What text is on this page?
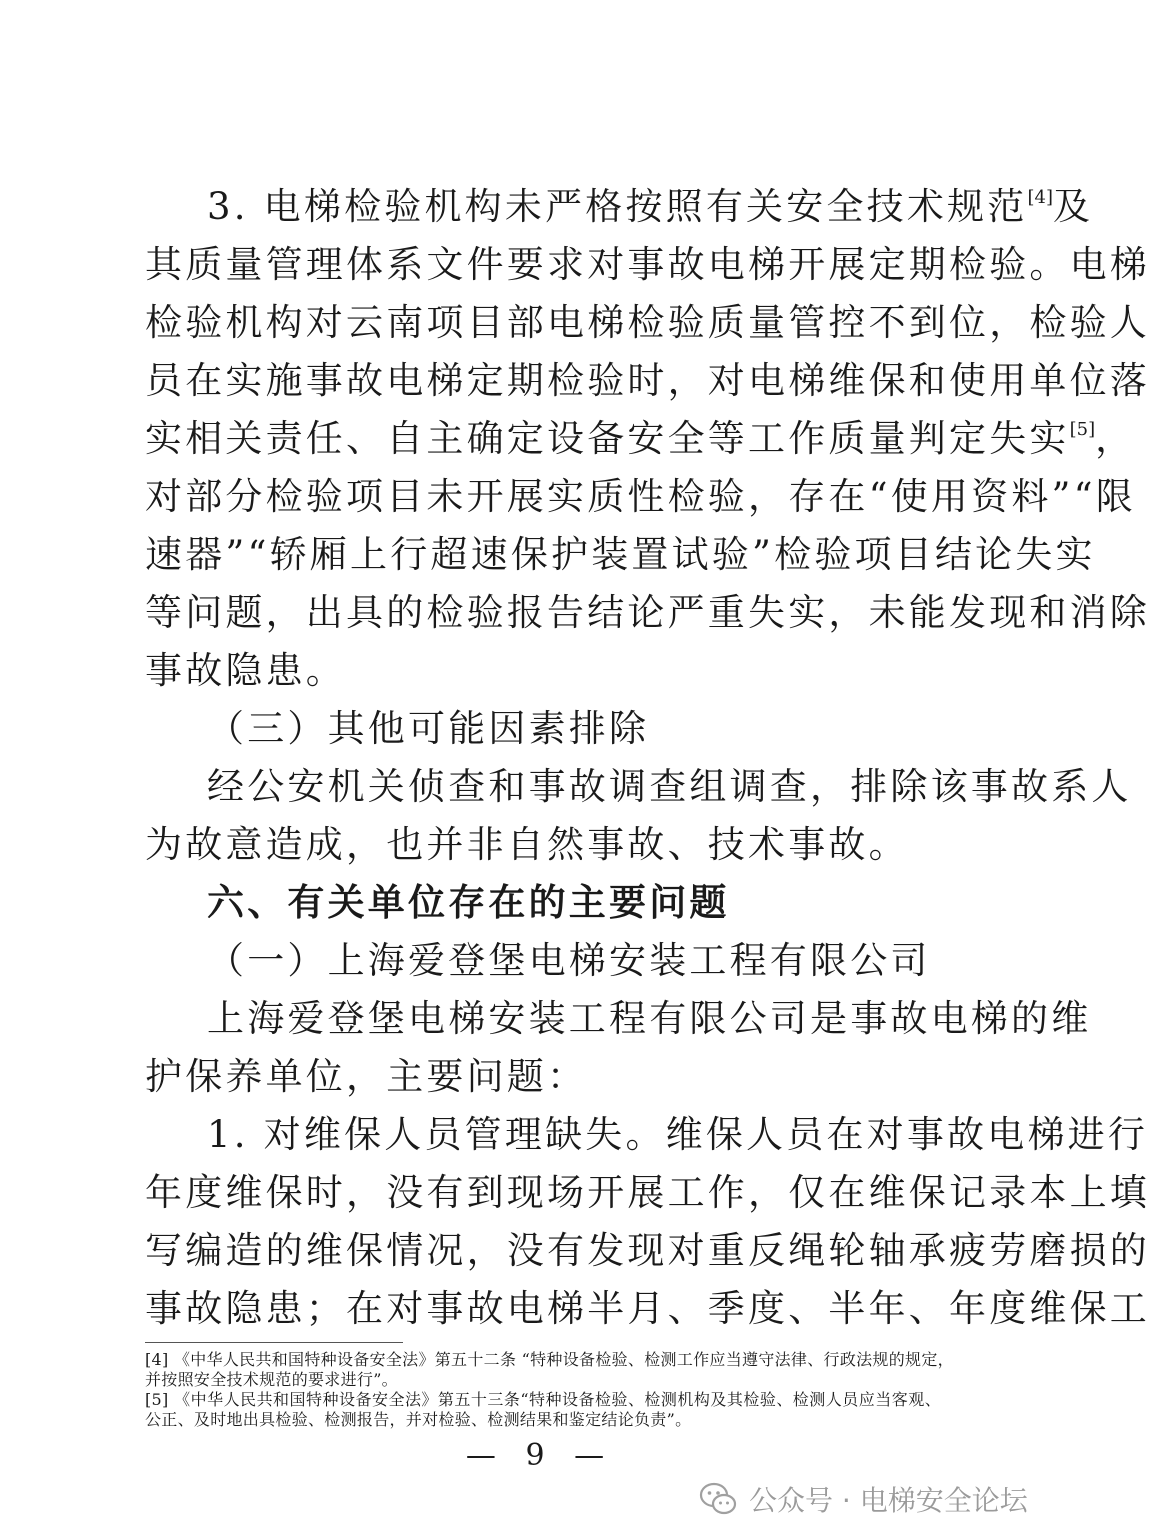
3. 电梯检验机构未严格按照有关安全技术规范[4]及
其质量管理体系文件要求对事故电梯开展定期检验。电梯
检验机构对云南项目部电梯检验质量管控不到位，检验人
员在实施事故电梯定期检验时，对电梯维保和使用单位落
实相关责任、自主确定设备安全等工作质量判定失实[5]，
对部分检验项目未开展实质性检验，存在“使用资料”“限
速器”“轿厢上行超速保护装置试验”检验项目结论失实
等问题，出具的检验报告结论严重失实，未能发现和消除
事故隐患。
（三）其他可能因素排除
经公安机关侦查和事故调查组调查，排除该事故系人
为故意造成，也并非自然事故、技术事故。
六、有关单位存在的主要问题
（一）上海爱登堡电梯安装工程有限公司
上海爱登堡电梯安装工程有限公司是事故电梯的维
护保养单位，主要问题：
1. 对维保人员管理缺失。维保人员在对事故电梯进行
年度维保时，没有到现场开展工作，仅在维保记录本上填
写编造的维保情况，没有发现对重反绳轮轴承疲劳磨损的
事故隐患；在对事故电梯半月、季度、半年、年度维保工
[4] 《中华人民共和国特种设备安全法》第五十二条 “特种设备检验、检测工作应当遵守法律、行政法规的规定，
并按照安全技术规范的要求进行”。
[5] 《中华人民共和国特种设备安全法》第五十三条“特种设备检验、检测机构及其检验、检测人员应当客观、
公正、及时地出具检验、检测报告，并对检验、检测结果和鉴定结论负责”。
— 9 —
公众号 · 电梯安全论坛
